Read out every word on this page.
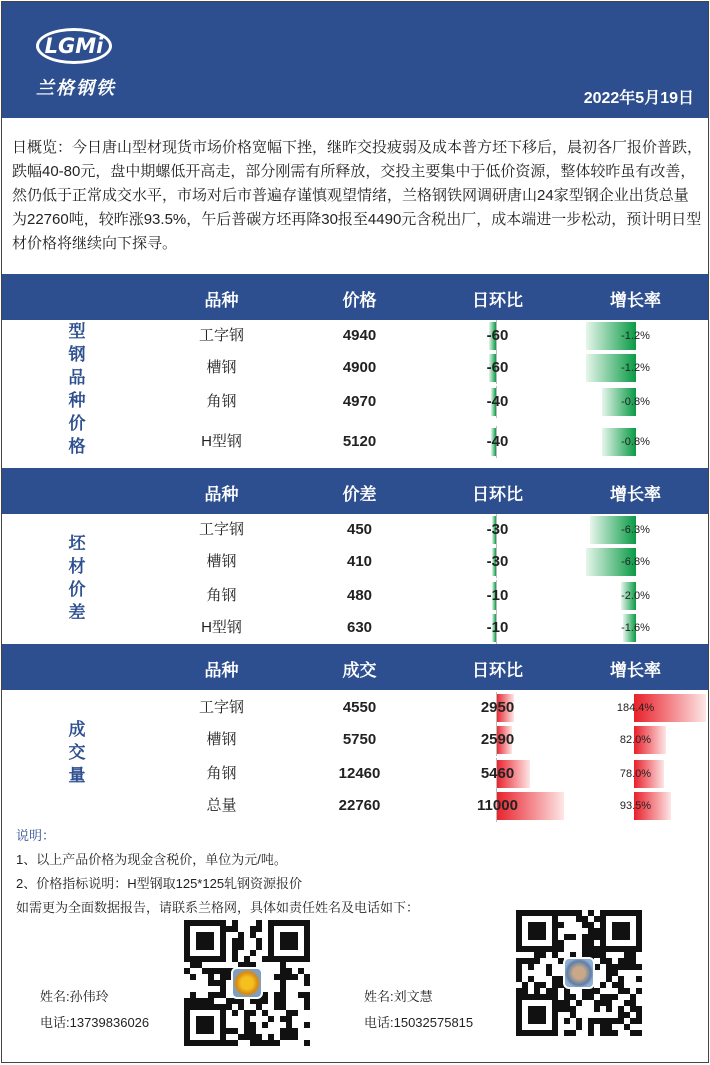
LGMi
兰格钢铁	2022年5月19日
日概览：今日唐山型材现货市场价格宽幅下挫，继昨交投疲弱及成本普方坯下移后，晨初各厂报价普跌，跌幅40-80元，盘中期螺低开高走，部分刚需有所释放，交投主要集中于低价资源，整体较昨虽有改善，然仍低于正常成交水平，市场对后市普遍存谨慎观望情绪，兰格钢铁网调研唐山24家型钢企业出货总量为22760吨，较昨涨93.5%，午后普碳方坯再降30报至4490元含税出厂，成本端进一步松动，预计明日型材价格将继续向下探寻。
说明：
1、以上产品价格为现金含税价，单位为元/吨。
2、价格指标说明：H型钢取125*125轧钢资源报价
如需更为全面数据报告，请联系兰格网，具体如责任姓名及电话如下：
姓名:孙伟玲
电话:13739836026
姓名:刘文慧
电话:15032575815
品种	价格	日环比	增长率
型
钢
品
种
价
格
工字钢	4940	-60	-1.2%
槽钢	4900	-60	-1.2%
角钢	4970	-40	-0.8%
H型钢	5120	-40	-0.8%
品种	价差	日环比	增长率
坯
材
价
差
工字钢	450	-30	-6.3%
槽钢	410	-30	-6.8%
角钢	480	-10	-2.0%
H型钢	630	-10	-1.6%
品种	成交	日环比	增长率
成
交
量
工字钢	4550	2950	184.4%
槽钢	5750	2590	82.0%
角钢	12460	5460	78.0%
总量	22760	11000	93.5%
